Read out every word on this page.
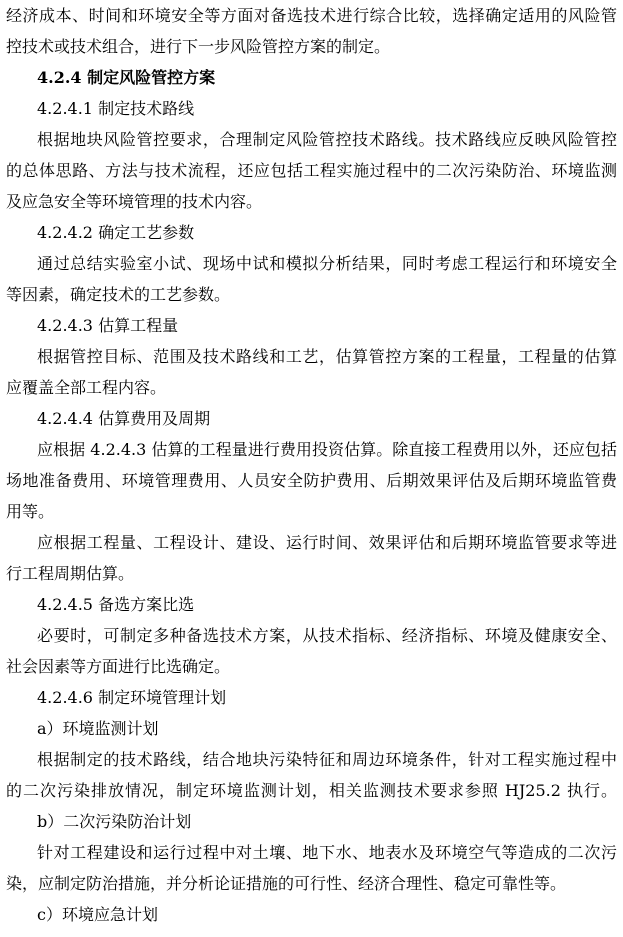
经济成本、时间和环境安全等方面对备选技术进行综合比较，选择确定适用的风险管
控技术或技术组合，进行下一步风险管控方案的制定。
4.2.4 制定风险管控方案
4.2.4.1 制定技术路线
根据地块风险管控要求，合理制定风险管控技术路线。技术路线应反映风险管控
的总体思路、方法与技术流程，还应包括工程实施过程中的二次污染防治、环境监测
及应急安全等环境管理的技术内容。
4.2.4.2 确定工艺参数
通过总结实验室小试、现场中试和模拟分析结果，同时考虑工程运行和环境安全
等因素，确定技术的工艺参数。
4.2.4.3 估算工程量
根据管控目标、范围及技术路线和工艺，估算管控方案的工程量，工程量的估算
应覆盖全部工程内容。
4.2.4.4 估算费用及周期
应根据 4.2.4.3 估算的工程量进行费用投资估算。除直接工程费用以外，还应包括
场地准备费用、环境管理费用、人员安全防护费用、后期效果评估及后期环境监管费
用等。
应根据工程量、工程设计、建设、运行时间、效果评估和后期环境监管要求等进
行工程周期估算。
4.2.4.5 备选方案比选
必要时，可制定多种备选技术方案，从技术指标、经济指标、环境及健康安全、
社会因素等方面进行比选确定。
4.2.4.6 制定环境管理计划
a）环境监测计划
根据制定的技术路线，结合地块污染特征和周边环境条件，针对工程实施过程中
的二次污染排放情况，制定环境监测计划，相关监测技术要求参照 HJ25.2 执行。
b）二次污染防治计划
针对工程建设和运行过程中对土壤、地下水、地表水及环境空气等造成的二次污
染，应制定防治措施，并分析论证措施的可行性、经济合理性、稳定可靠性等。
c）环境应急计划
